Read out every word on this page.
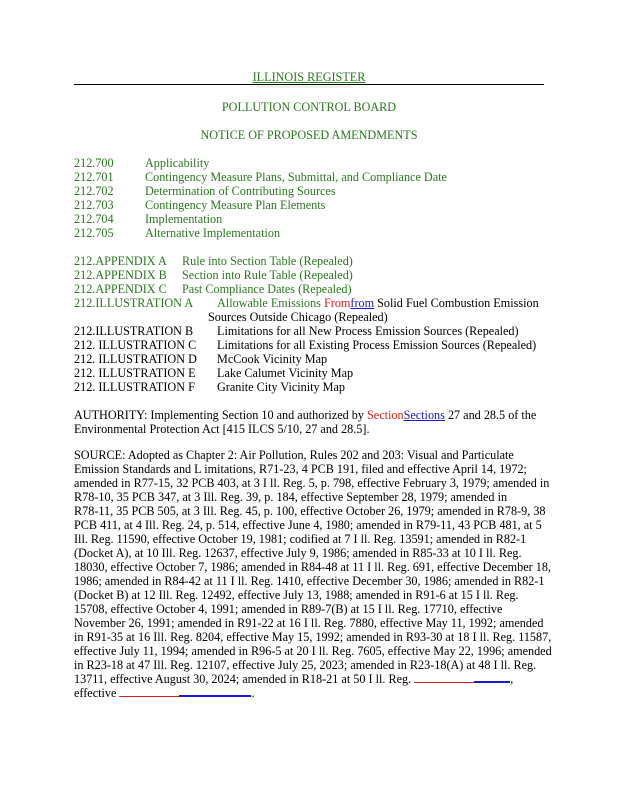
ILLINOIS REGISTER
POLLUTION CONTROL BOARD
NOTICE OF PROPOSED AMENDMENTS
212.700	Applicability
212.701	Contingency Measure Plans, Submittal, and Compliance Date
212.702	Determination of Contributing Sources
212.703	Contingency Measure Plan Elements
212.704	Implementation
212.705	Alternative Implementation
212.APPENDIX A Rule into Section Table (Repealed)
212.APPENDIX B Section into Rule Table (Repealed)
212.APPENDIX C Past Compliance Dates (Repealed)
212.ILLUSTRATION A Allowable Emissions Fromfrom Solid Fuel Combustion Emission
Sources Outside Chicago (Repealed)
212.ILLUSTRATION B Limitations for all New Process Emission Sources (Repealed)
212. ILLUSTRATION C Limitations for all Existing Process Emission Sources (Repealed)
212. ILLUSTRATION D McCook Vicinity Map
212. ILLUSTRATION E Lake Calumet Vicinity Map
212. ILLUSTRATION F Granite City Vicinity Map
AUTHORITY: Implementing Section 10 and authorized by SectionSections 27 and 28.5 of the
Environmental Protection Act [415 ILCS 5/10, 27 and 28.5].
SOURCE: Adopted as Chapter 2: Air Pollution, Rules 202 and 203: Visual and Particulate
Emission Standards and L imitations, R71-23, 4 PCB 191, filed and effective April 14, 1972;
amended in R77-15, 32 PCB 403, at 3 I ll. Reg. 5, p. 798, effective February 3, 1979; amended in
R78-10, 35 PCB 347, at 3 Ill. Reg. 39, p. 184, effective September 28, 1979; amended in
R78-11, 35 PCB 505, at 3 Ill. Reg. 45, p. 100, effective October 26, 1979; amended in R78-9, 38
PCB 411, at 4 Ill. Reg. 24, p. 514, effective June 4, 1980; amended in R79-11, 43 PCB 481, at 5
Ill. Reg. 11590, effective October 19, 1981; codified at 7 I ll. Reg. 13591; amended in R82-1
(Docket A), at 10 Ill. Reg. 12637, effective July 9, 1986; amended in R85-33 at 10 I ll. Reg.
18030, effective October 7, 1986; amended in R84-48 at 11 I ll. Reg. 691, effective December 18,
1986; amended in R84-42 at 11 I ll. Reg. 1410, effective December 30, 1986; amended in R82-1
(Docket B) at 12 Ill. Reg. 12492, effective July 13, 1988; amended in R91-6 at 15 I ll. Reg.
15708, effective October 4, 1991; amended in R89-7(B) at 15 I ll. Reg. 17710, effective
November 26, 1991; amended in R91-22 at 16 I ll. Reg. 7880, effective May 11, 1992; amended
in R91-35 at 16 Ill. Reg. 8204, effective May 15, 1992; amended in R93-30 at 18 I ll. Reg. 11587,
effective July 11, 1994; amended in R96-5 at 20 I ll. Reg. 7605, effective May 22, 1996; amended
in R23-18 at 47 Ill. Reg. 12107, effective July 25, 2023; amended in R23-18(A) at 48 I ll. Reg.
13711, effective August 30, 2024; amended in R18-21 at 50 I ll. Reg.	,
effective	.
